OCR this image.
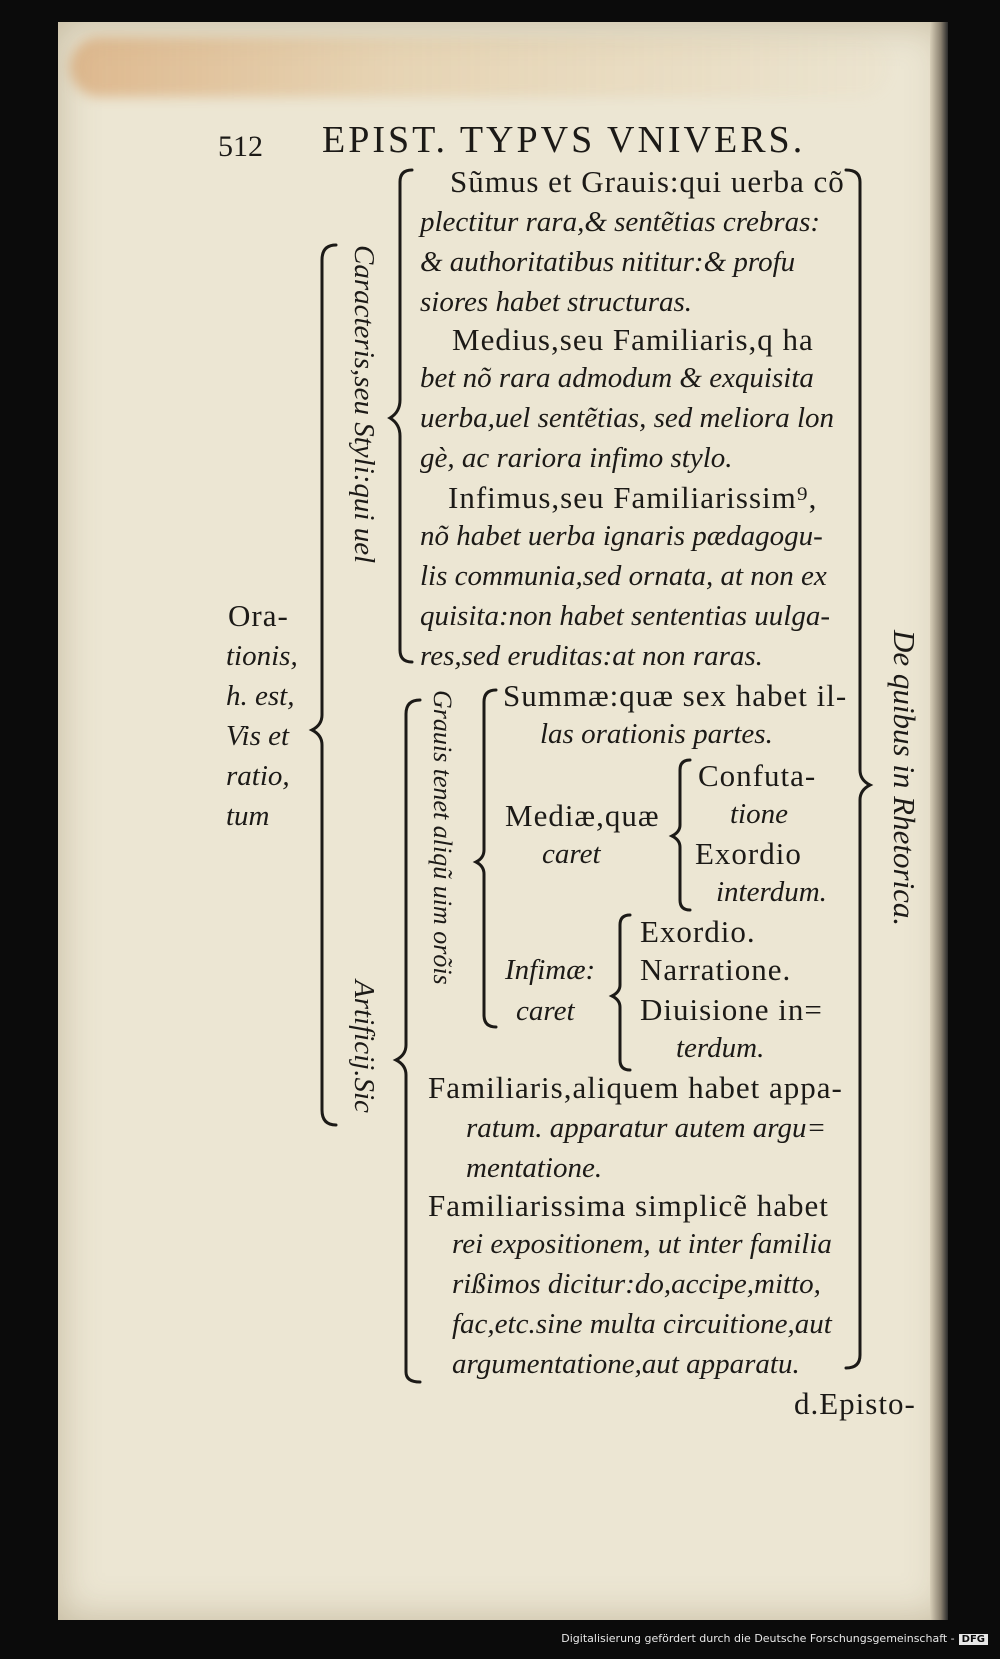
512 EPIST. TYPVS VNIVERS.
Ora-
tionis,
h. est,
Vis et
ratio,
tum
Caracteris,seu Styli:qui uel
Artificij.Sic
Grauis tenet aliqũ uim orõis	De quibus in Rhetorica.
Sũmus et Grauis:qui uerba cõ
plectitur rara,& sentẽtias crebras:
& authoritatibus nititur:& profu
siores habet structuras.
Medius,seu Familiaris,q ha
bet nõ rara admodum & exquisita
uerba,uel sentẽtias, sed meliora lon
gè, ac rariora infimo stylo.
Infimus,seu Familiarissim⁹,
nõ habet uerba ignaris pædagogu-
lis communia,sed ornata, at non ex
quisita:non habet sententias uulga-
res,sed eruditas:at non raras.
Summæ:quæ sex habet il-
las orationis partes.
Mediæ,quæ
caret
Confuta-
tione
Exordio
interdum.
Infimæ:
caret
Exordio.
Narratione.
Diuisione in=
terdum.
Familiaris,aliquem habet appa-
ratum. apparatur autem argu=
mentatione.
Familiarissima simplicẽ habet
rei expositionem, ut inter familia
rißimos dicitur:do,accipe,mitto,
fac,etc.sine multa circuitione,aut
argumentatione,aut apparatu.
d.Episto-
Digitalisierung gefördert durch die Deutsche Forschungsgemeinschaft - DFG
